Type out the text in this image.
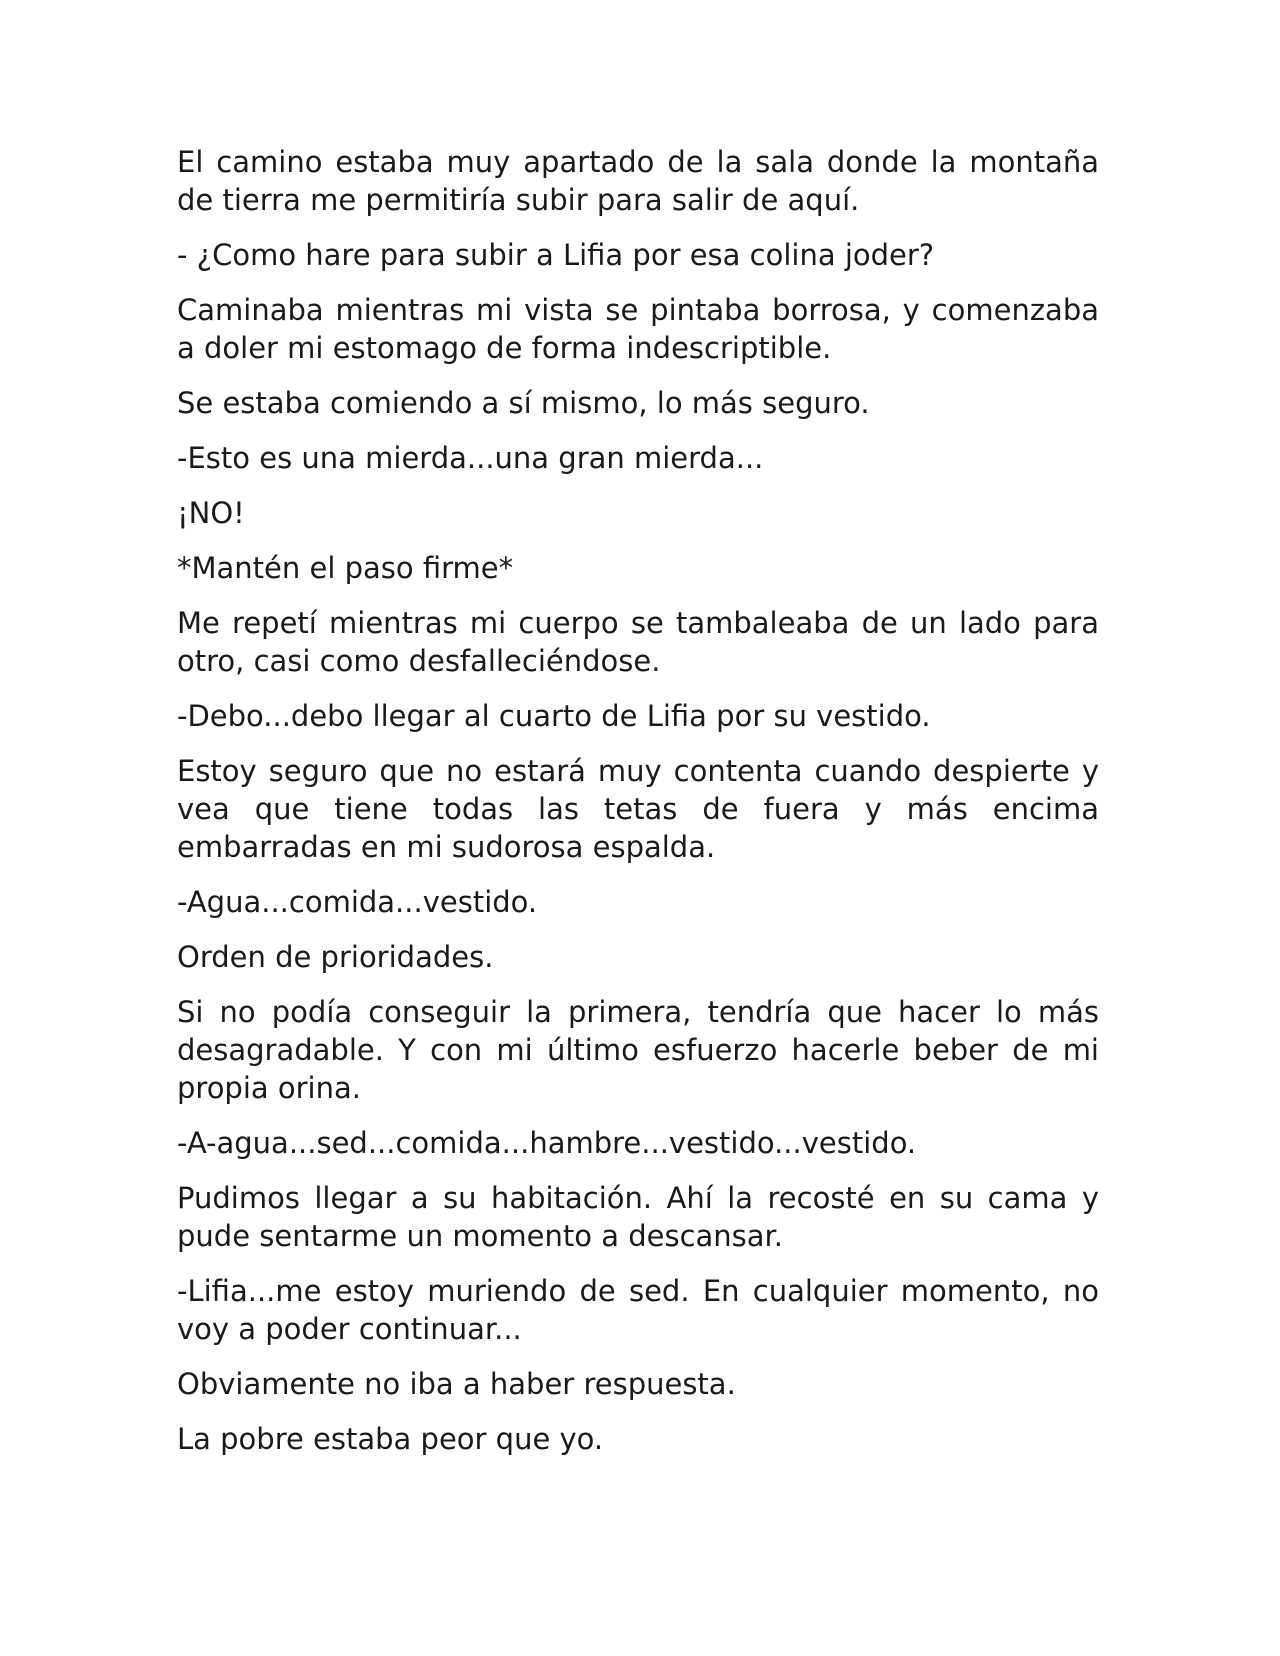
El camino estaba muy apartado de la sala donde la montaña de tierra me permitiría subir para salir de aquí.

- ¿Como hare para subir a Lifia por esa colina joder?

Caminaba mientras mi vista se pintaba borrosa, y comenzaba a doler mi estomago de forma indescriptible.

Se estaba comiendo a sí mismo, lo más seguro.

-Esto es una mierda...una gran mierda...

¡NO!

*Mantén el paso firme*

Me repetí mientras mi cuerpo se tambaleaba de un lado para otro, casi como desfalleciéndose.

-Debo...debo llegar al cuarto de Lifia por su vestido.

Estoy seguro que no estará muy contenta cuando despierte y vea que tiene todas las tetas de fuera y más encima embarradas en mi sudorosa espalda.

-Agua...comida...vestido.

Orden de prioridades.

Si no podía conseguir la primera, tendría que hacer lo más desagradable. Y con mi último esfuerzo hacerle beber de mi propia orina.

-A-agua...sed...comida...hambre...vestido...vestido.

Pudimos llegar a su habitación. Ahí la recosté en su cama y pude sentarme un momento a descansar.

-Lifia...me estoy muriendo de sed. En cualquier momento, no voy a poder continuar...

Obviamente no iba a haber respuesta.

La pobre estaba peor que yo.
